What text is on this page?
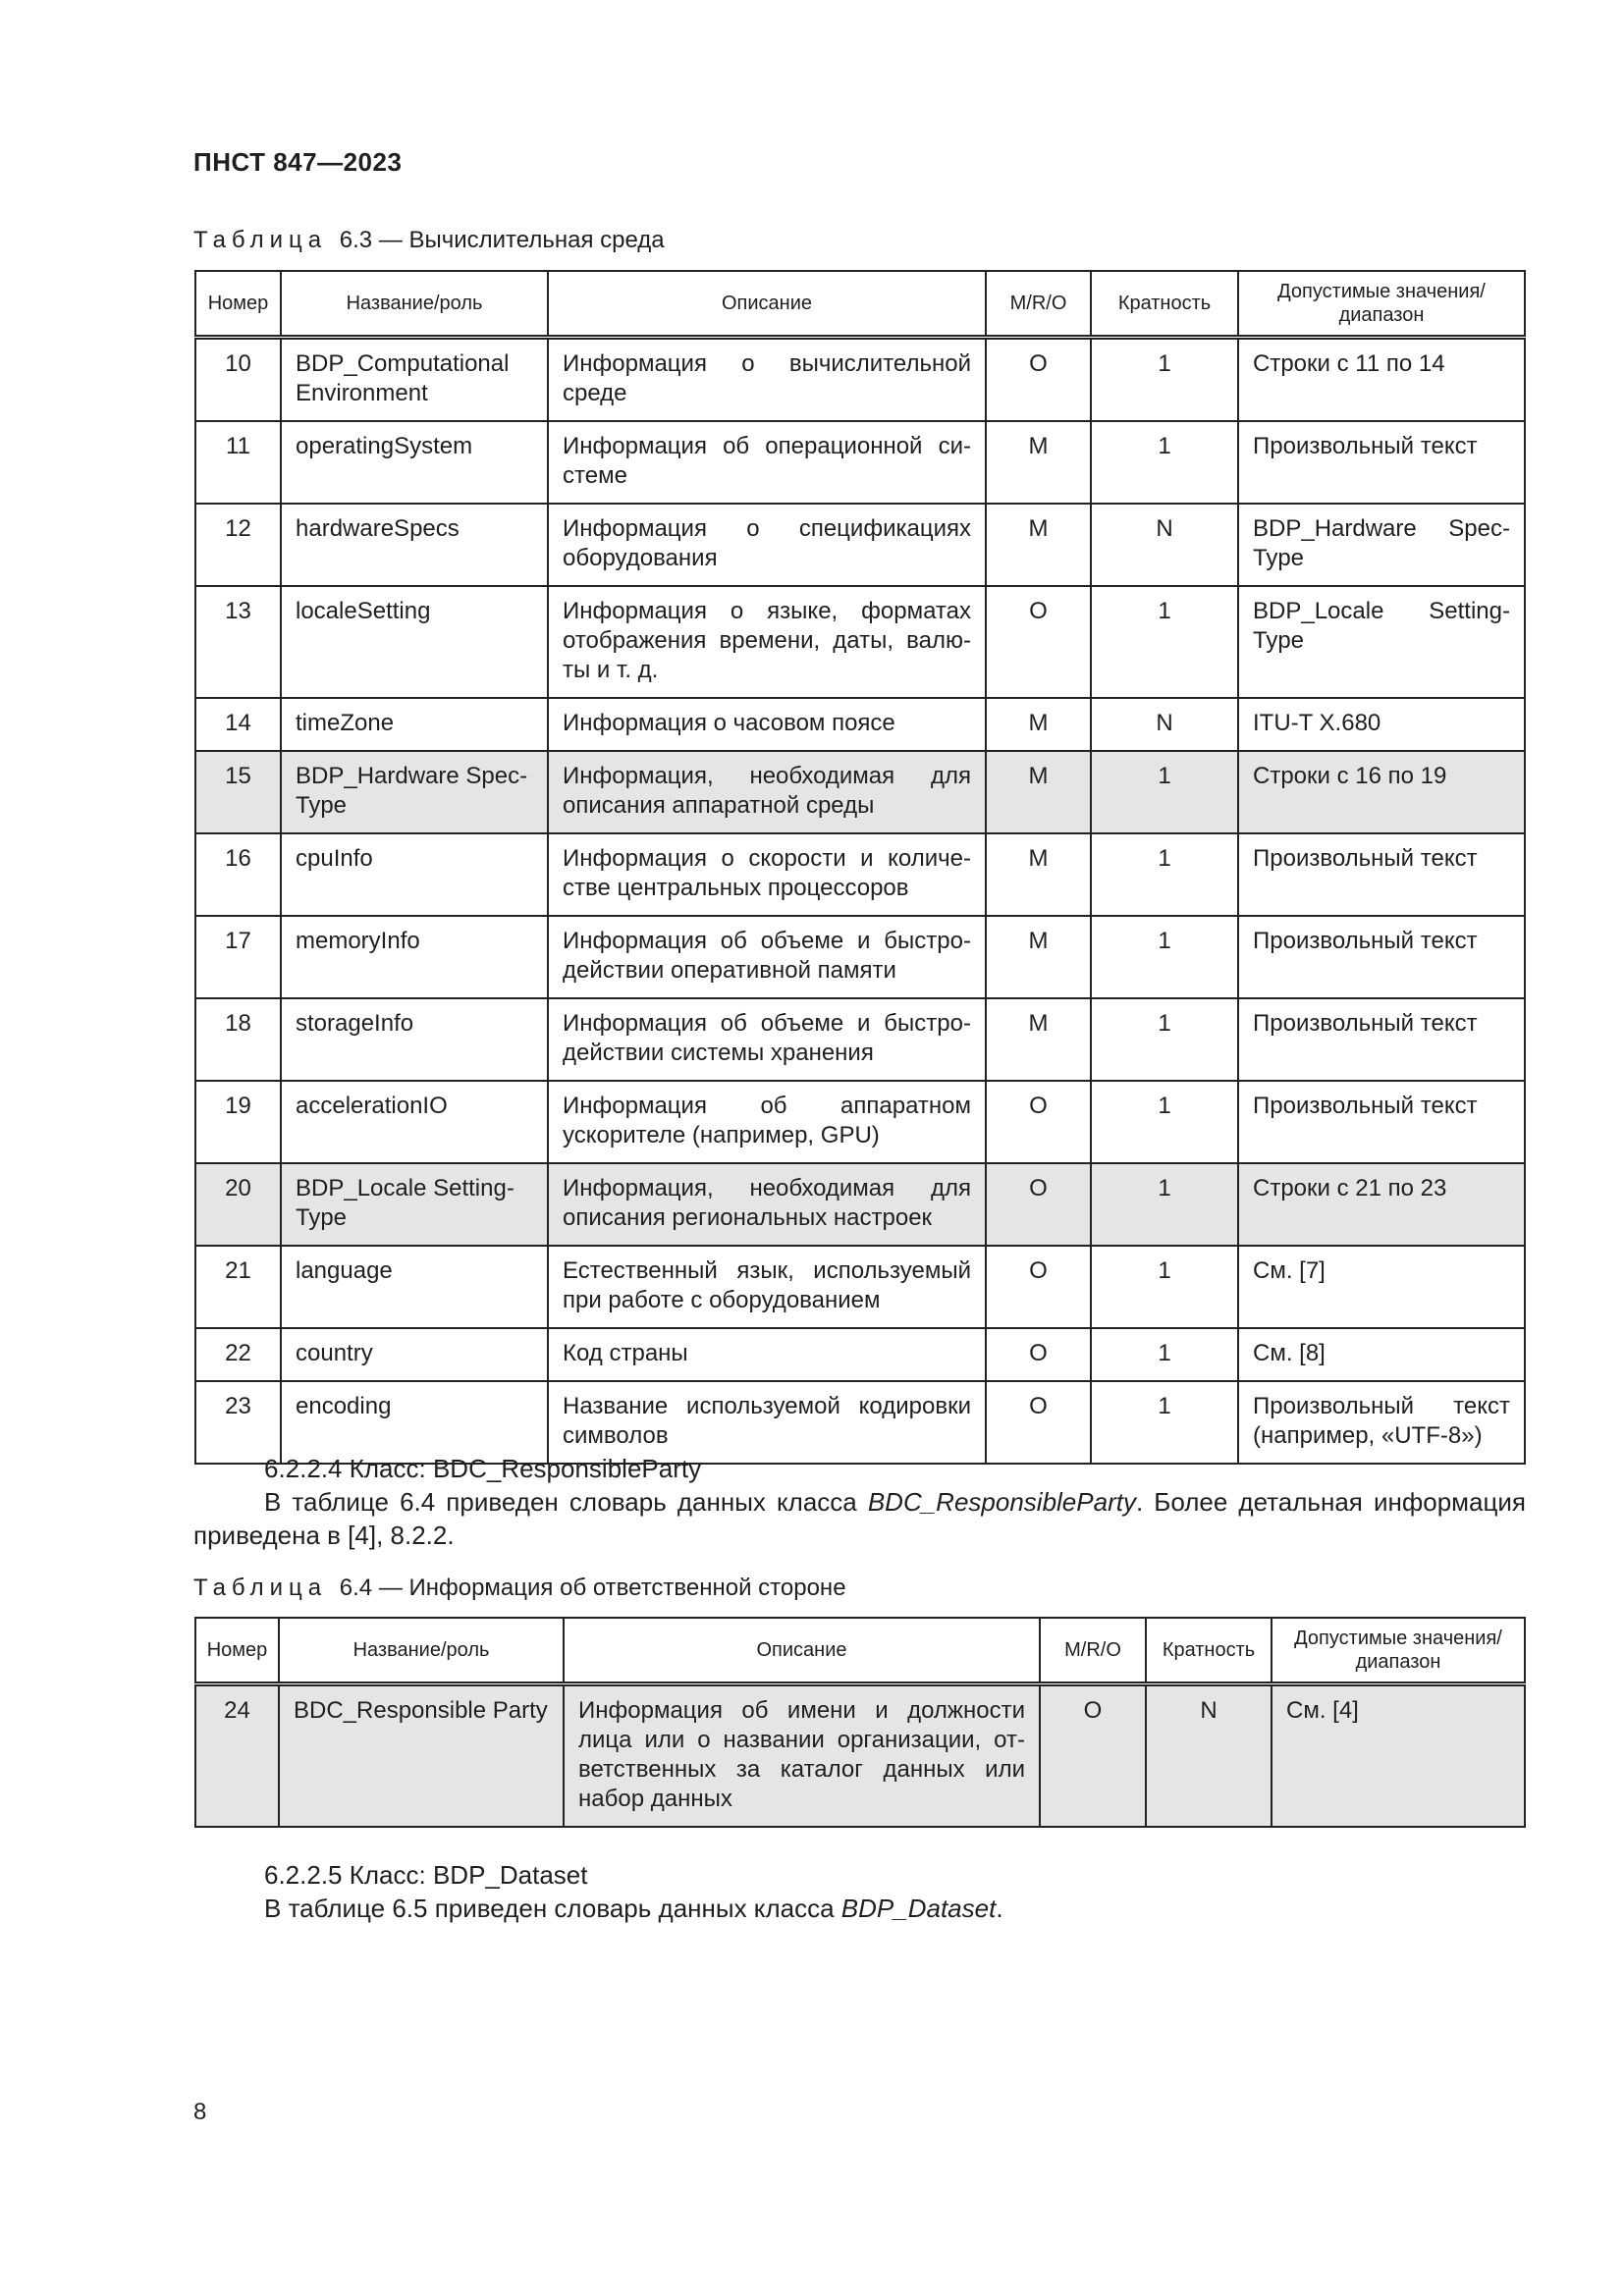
ПНСТ 847—2023
Таблица 6.3 — Вычислительная среда
Номер	Название/роль	Описание	M/R/O	Кратность	Допустимые значения/ диапазон
10	BDP_Computational Environment	Информация о вычислительной среде	O	1	Строки с 11 по 14
11	operatingSystem	Информация об операционной системе	M	1	Произвольный текст
12	hardwareSpecs	Информация о спецификациях оборудования	M	N	BDP_Hardware SpecType
13	localeSetting	Информация о языке, форматах отображения времени, даты, валюты и т. д.	O	1	BDP_Locale SettingType
14	timeZone	Информация о часовом поясе	M	N	ITU-T X.680
15	BDP_Hardware SpecType	Информация, необходимая для описания аппаратной среды	M	1	Строки с 16 по 19
16	cpuInfo	Информация о скорости и количестве центральных процессоров	M	1	Произвольный текст
17	memoryInfo	Информация об объеме и быстродействии оперативной памяти	M	1	Произвольный текст
18	storageInfo	Информация об объеме и быстродействии системы хранения	M	1	Произвольный текст
19	accelerationIO	Информация об аппаратном ускорителе (например, GPU)	O	1	Произвольный текст
20	BDP_Locale SettingType	Информация, необходимая для описания региональных настроек	O	1	Строки с 21 по 23
21	language	Естественный язык, используемый при работе с оборудованием	O	1	См. [7]
22	country	Код страны	O	1	См. [8]
23	encoding	Название используемой кодировки символов	O	1	Произвольный текст (например, «UTF-8»)
6.2.2.4 Класс: BDC_ResponsibleParty
В таблице 6.4 приведен словарь данных класса BDC_ResponsibleParty. Более детальная информация приведена в [4], 8.2.2.
Таблица 6.4 — Информация об ответственной стороне
Номер	Название/роль	Описание	M/R/O	Кратность	Допустимые значения/диапазон
24	BDC_Responsible Party	Информация об имени и должности лица или о названии организации, ответственных за каталог данных или набор данных	O	N	См. [4]
6.2.2.5 Класс: BDP_Dataset
В таблице 6.5 приведен словарь данных класса BDP_Dataset.
8
